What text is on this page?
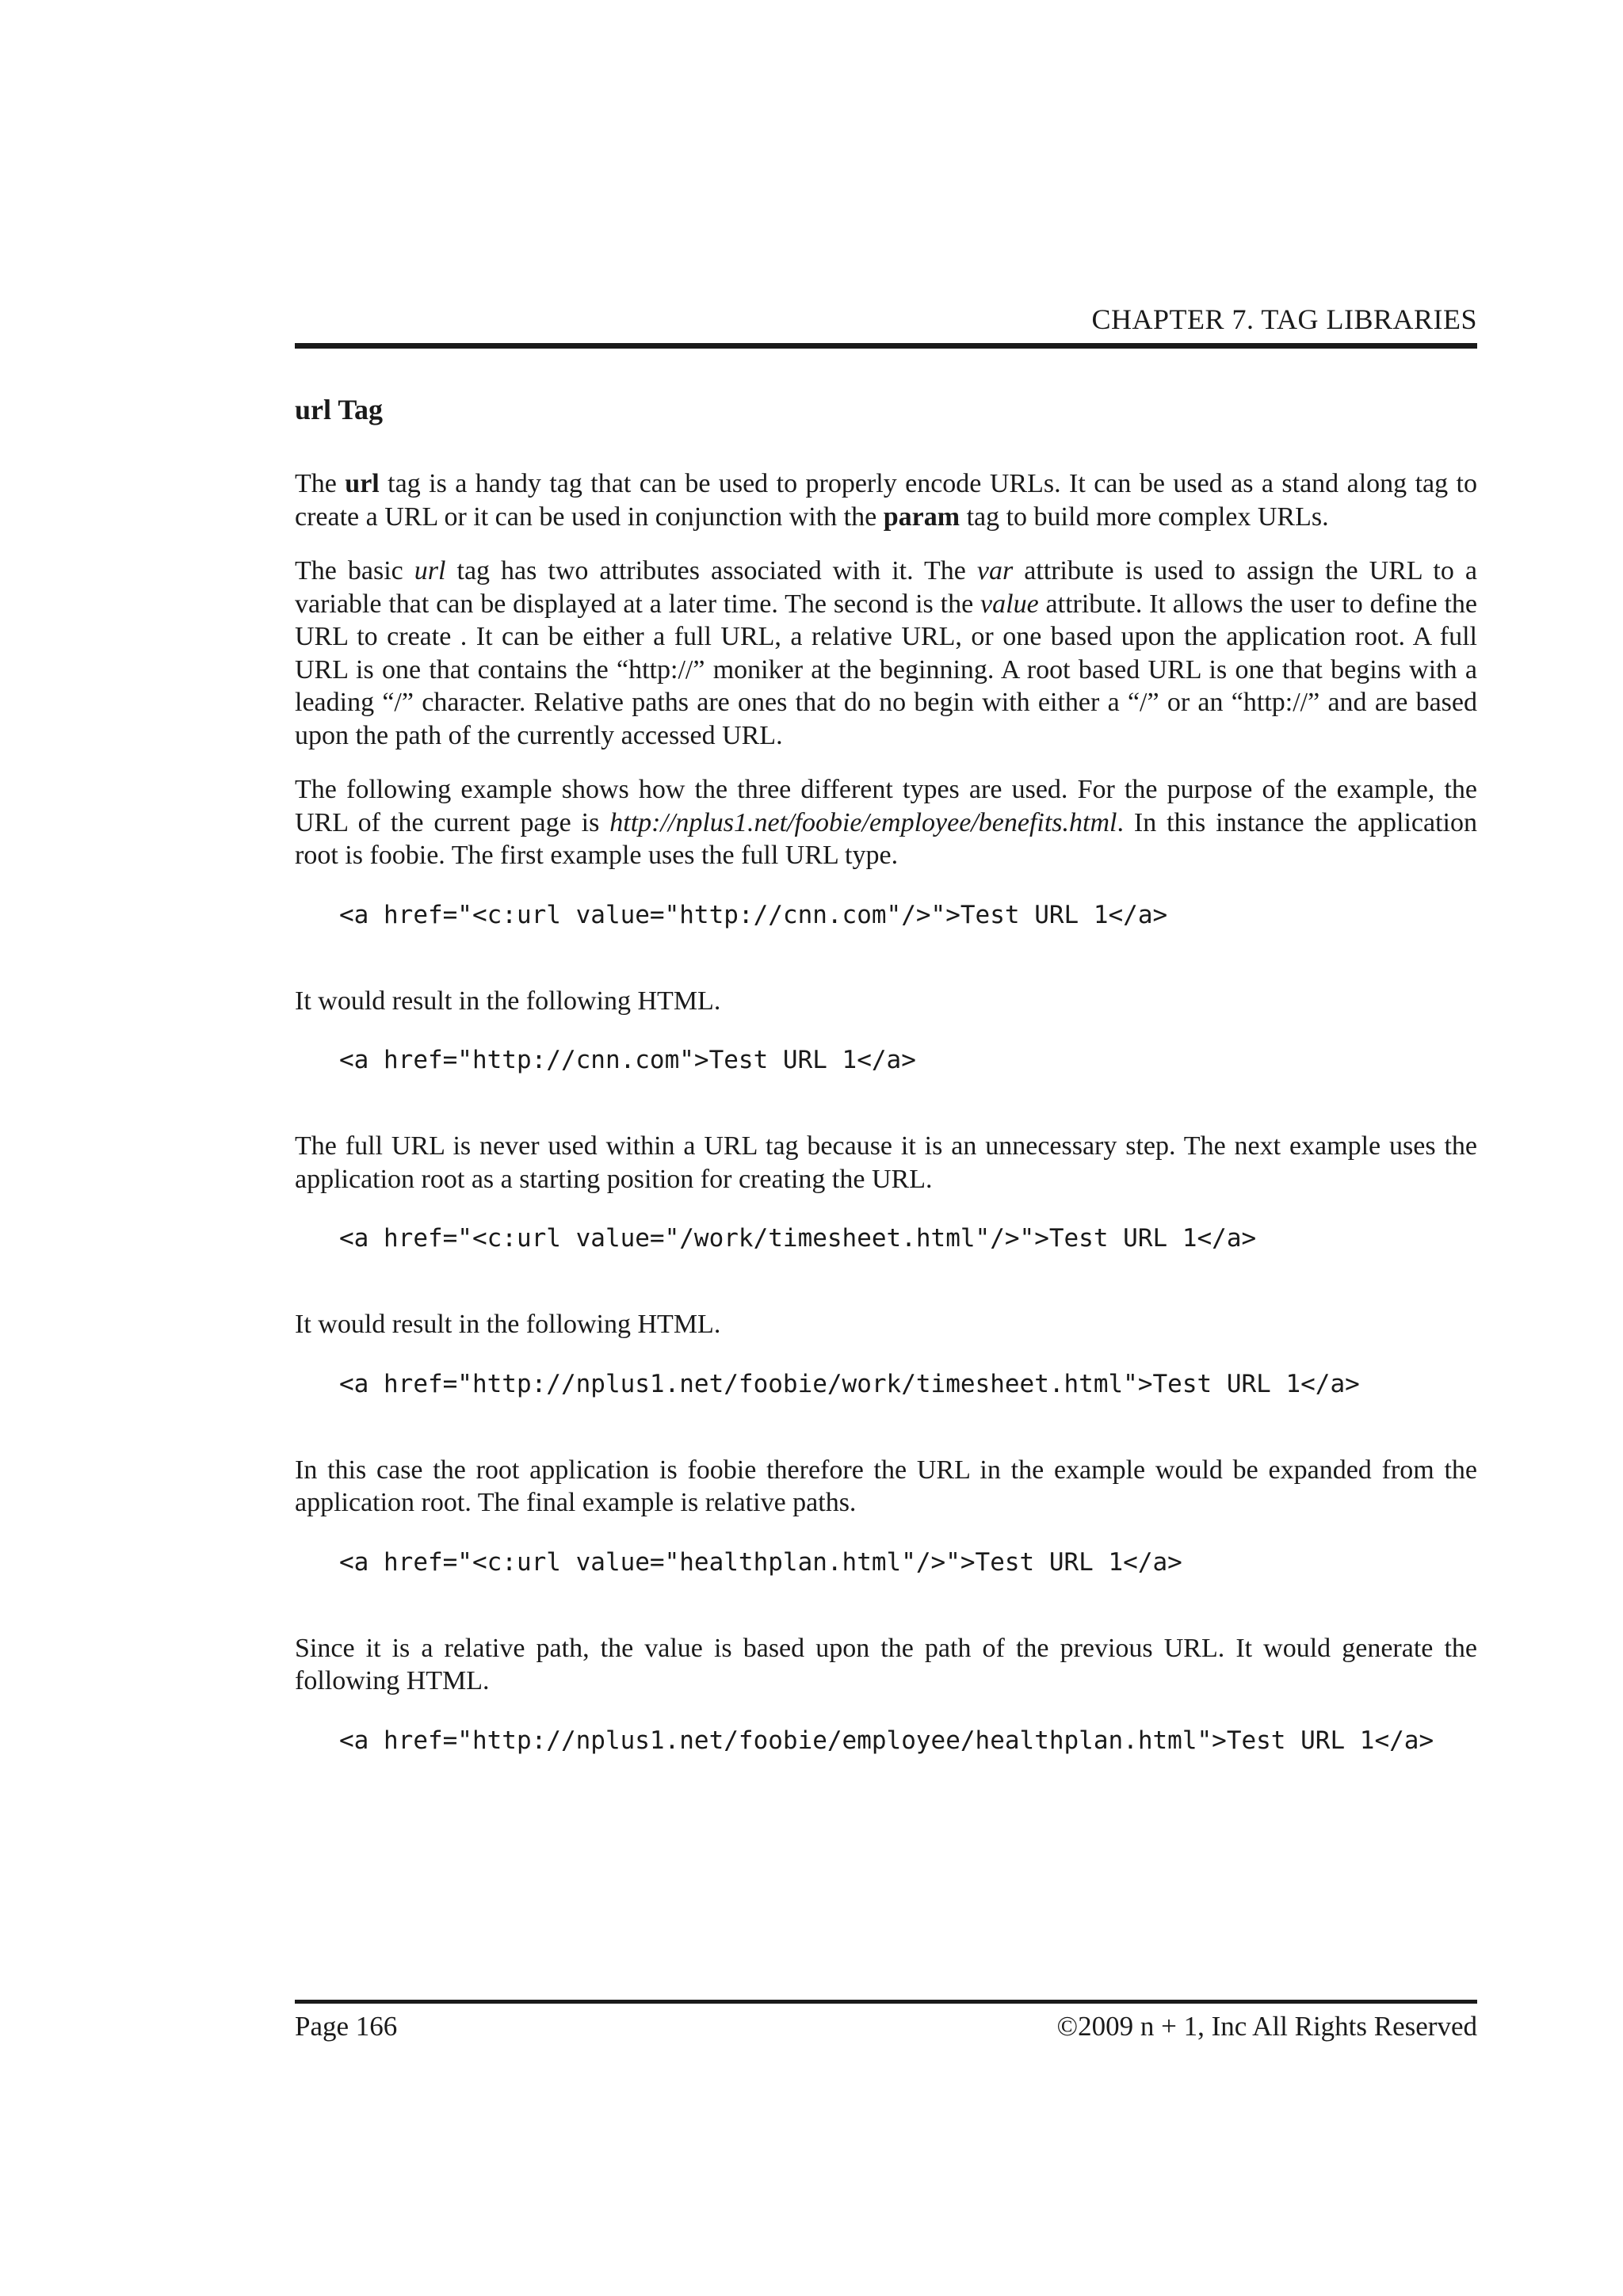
CHAPTER 7. TAG LIBRARIES
url Tag

The url tag is a handy tag that can be used to properly encode URLs. It can be used as a stand along tag to create a URL or it can be used in conjunction with the param tag to build more complex URLs.

The basic url tag has two attributes associated with it. The var attribute is used to assign the URL to a variable that can be displayed at a later time. The second is the value attribute. It allows the user to define the URL to create . It can be either a full URL, a relative URL, or one based upon the application root. A full URL is one that contains the “http://” moniker at the beginning. A root based URL is one that begins with a leading “/” character. Relative paths are ones that do no begin with either a “/” or an “http://” and are based upon the path of the currently accessed URL.

The following example shows how the three different types are used. For the purpose of the example, the URL of the current page is http://nplus1.net/foobie/employee/benefits.html. In this instance the application root is foobie. The first example uses the full URL type.

<a href="<c:url value="http://cnn.com"/>">Test URL 1</a>

It would result in the following HTML.

<a href="http://cnn.com">Test URL 1</a>

The full URL is never used within a URL tag because it is an unnecessary step. The next example uses the application root as a starting position for creating the URL.

<a href="<c:url value="/work/timesheet.html"/>">Test URL 1</a>

It would result in the following HTML.

<a href="http://nplus1.net/foobie/work/timesheet.html">Test URL 1</a>

In this case the root application is foobie therefore the URL in the example would be expanded from the application root. The final example is relative paths.

<a href="<c:url value="healthplan.html"/>">Test URL 1</a>

Since it is a relative path, the value is based upon the path of the previous URL. It would generate the following HTML.

<a href="http://nplus1.net/foobie/employee/healthplan.html">Test URL 1</a>
Page 166	©2009 n + 1, Inc All Rights Reserved
